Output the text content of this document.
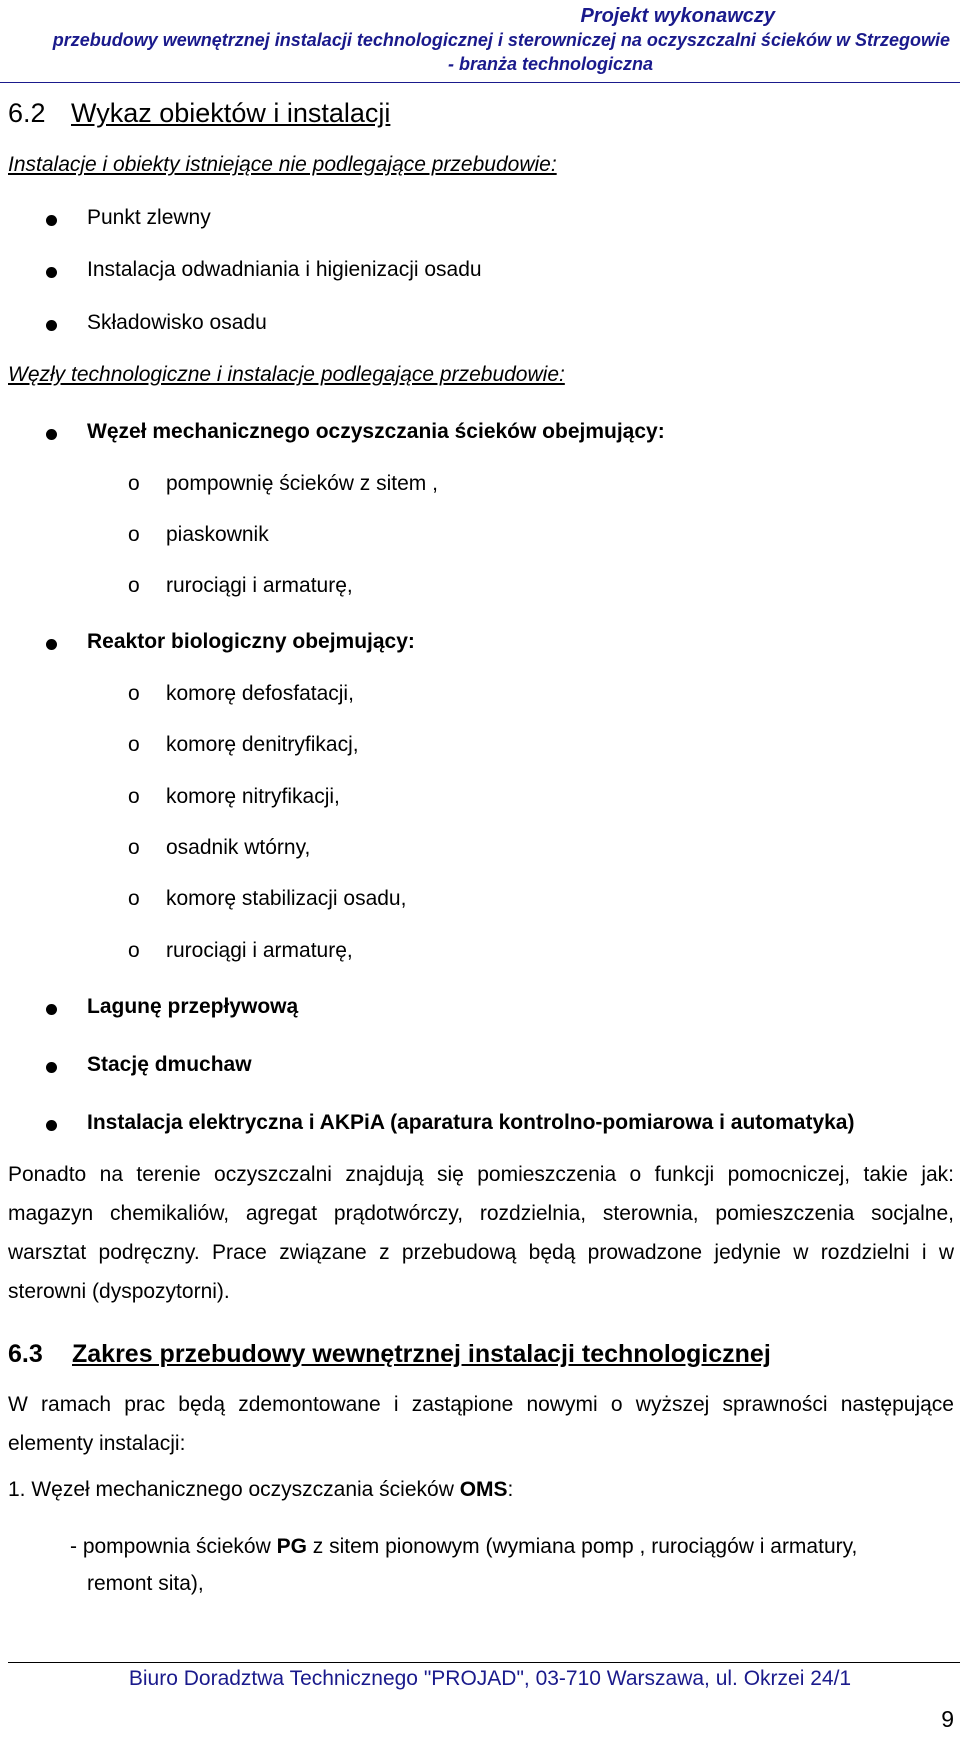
Projekt wykonawczy
przebudowy wewnętrznej instalacji technologicznej i sterowniczej na oczyszczalni ścieków w Strzegowie
- branża technologiczna
6.2 Wykaz obiektów i instalacji
Instalacje i obiekty istniejące nie podlegające przebudowie:
Punkt zlewny
Instalacja odwadniania i higienizacji osadu
Składowisko osadu
Węzły technologiczne i instalacje podlegające przebudowie:
Węzeł mechanicznego oczyszczania ścieków obejmujący:
o pompownię ścieków z sitem ,
o piaskownik
o rurociągi i armaturę,
Reaktor biologiczny obejmujący:
o komorę defosfatacji,
o komorę denitryfikacj,
o komorę nitryfikacji,
o osadnik wtórny,
o komorę stabilizacji osadu,
o rurociągi i armaturę,
Lagunę przepływową
Stację dmuchaw
Instalacja elektryczna i AKPiA (aparatura kontrolno-pomiarowa i automatyka)
Ponadto na terenie oczyszczalni znajdują się pomieszczenia o funkcji pomocniczej, takie jak: magazyn chemikaliów, agregat prądotwórczy, rozdzielnia, sterownia, pomieszczenia socjalne, warsztat podręczny. Prace związane z przebudową będą prowadzone jedynie w rozdzielni i w sterowni (dyspozytorni).
6.3 Zakres przebudowy wewnętrznej instalacji technologicznej
W ramach prac będą zdemontowane i zastąpione nowymi o wyższej sprawności następujące elementy instalacji:
1. Węzeł mechanicznego oczyszczania ścieków OMS:
- pompownia ścieków PG z sitem pionowym (wymiana pomp , rurociągów i armatury,
remont sita),
Biuro Doradztwa Technicznego "PROJAD", 03-710 Warszawa, ul. Okrzei 24/1
9
